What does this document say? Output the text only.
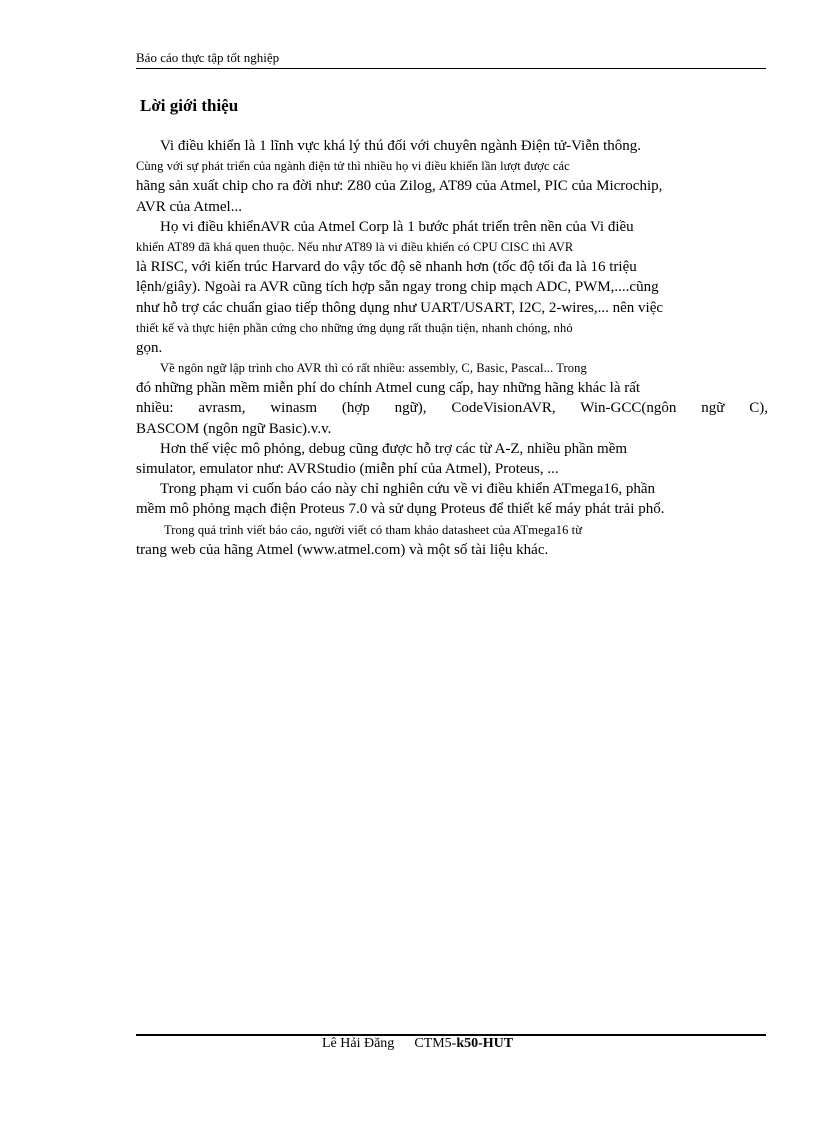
Báo cáo thực tập tốt nghiệp
Lời giới thiệu
Vi điều khiển là 1 lĩnh vực khá lý thú đối với chuyên ngành Điện tử-Viễn thông.
Cùng với sự phát triển của ngành điện tử thì nhiều họ vi điều khiển lần lượt được các
hãng sản xuất chip cho ra đời như: Z80 của Zilog, AT89 của Atmel, PIC của Microchip,
AVR của Atmel...
Họ vi điều khiểnAVR của Atmel Corp là 1 bước phát triển trên nền của Vi điều
khiển AT89 đã khá quen thuộc. Nếu như AT89 là vi điều khiển có CPU CISC thì AVR
là RISC, với kiến trúc Harvard do vậy tốc độ sẽ nhanh hơn (tốc độ tối đa là 16 triệu
lệnh/giây). Ngoài ra AVR cũng tích hợp sẵn ngay trong chip mạch ADC, PWM,....cũng
như hỗ trợ các chuẩn giao tiếp thông dụng như UART/USART, I2C, 2-wires,... nên việc
thiết kế và thực hiện phần cứng cho những ứng dụng rất thuận tiện, nhanh chóng, nhỏ
gọn.
Về ngôn ngữ lập trình cho AVR thì có rất nhiều: assembly, C, Basic, Pascal... Trong
đó những phần mềm miễn phí do chính Atmel cung cấp, hay những hãng khác là rất
nhiều: avrasm, winasm (hợp ngữ), CodeVisionAVR, Win-GCC(ngôn ngữ C),
BASCOM (ngôn ngữ Basic).v.v.
Hơn thế việc mô phỏng, debug cũng được hỗ trợ các từ A-Z, nhiều phần mềm
simulator, emulator như: AVRStudio (miễn phí của Atmel), Proteus, ...
Trong phạm vi cuốn báo cáo này chỉ nghiên cứu về vi điều khiển ATmega16, phần
mềm mô phỏng mạch điện Proteus 7.0 và sử dụng Proteus để thiết kế máy phát trải phổ.
Trong quá trình viết báo cáo, người viết có tham khảo datasheet của ATmega16 từ
trang web của hãng Atmel (www.atmel.com) và một số tài liệu khác.
Lê Hải Đăng CTM5-k50-HUT
